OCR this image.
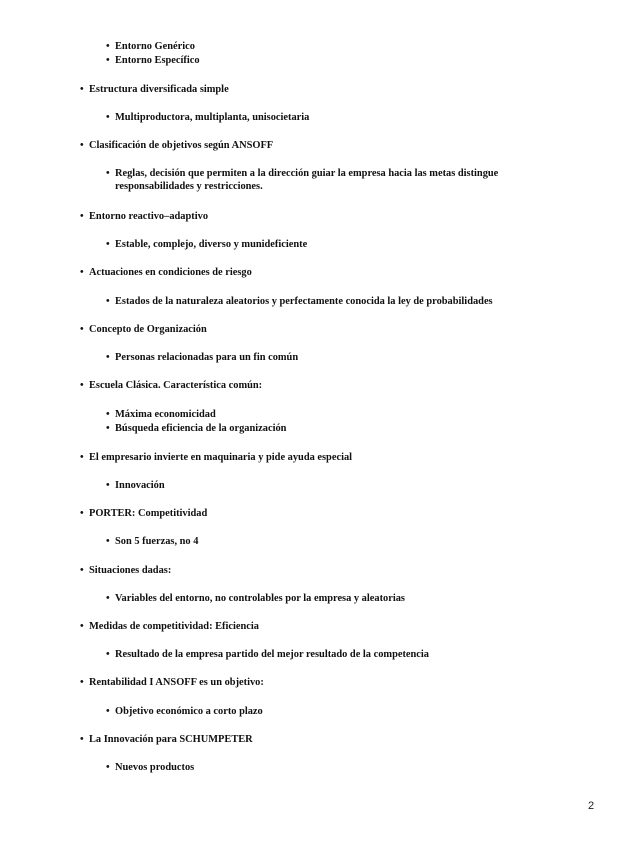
• Entorno Genérico
• Entorno Específico
• Estructura diversificada simple
• Multiproductora, multiplanta, unisocietaria
• Clasificación de objetivos según ANSOFF
• Reglas, decisión que permiten a la dirección guiar la empresa hacia las metas distingue responsabilidades y restricciones.
• Entorno reactivo–adaptivo
• Estable, complejo, diverso y munideficiente
• Actuaciones en condiciones de riesgo
• Estados de la naturaleza aleatorios y perfectamente conocida la ley de probabilidades
• Concepto de Organización
• Personas relacionadas para un fin común
• Escuela Clásica. Característica común:
• Máxima economicidad
• Búsqueda eficiencia de la organización
• El empresario invierte en maquinaria y pide ayuda especial
• Innovación
• PORTER: Competitividad
• Son 5 fuerzas, no 4
• Situaciones dadas:
• Variables del entorno, no controlables por la empresa y aleatorias
• Medidas de competitividad: Eficiencia
• Resultado de la empresa partido del mejor resultado de la competencia
• Rentabilidad I ANSOFF es un objetivo:
• Objetivo económico a corto plazo
• La Innovación para SCHUMPETER
• Nuevos productos
2
